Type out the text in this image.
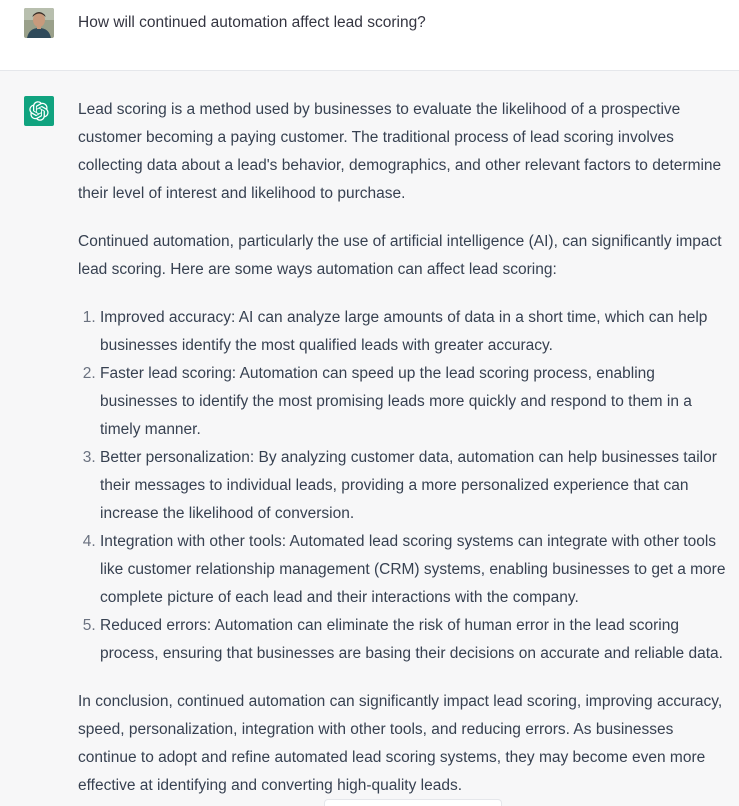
How will continued automation affect lead scoring?

Lead scoring is a method used by businesses to evaluate the likelihood of a prospective customer becoming a paying customer. The traditional process of lead scoring involves collecting data about a lead's behavior, demographics, and other relevant factors to determine their level of interest and likelihood to purchase.

Continued automation, particularly the use of artificial intelligence (AI), can significantly impact lead scoring. Here are some ways automation can affect lead scoring:

1. Improved accuracy: AI can analyze large amounts of data in a short time, which can help businesses identify the most qualified leads with greater accuracy.
2. Faster lead scoring: Automation can speed up the lead scoring process, enabling businesses to identify the most promising leads more quickly and respond to them in a timely manner.
3. Better personalization: By analyzing customer data, automation can help businesses tailor their messages to individual leads, providing a more personalized experience that can increase the likelihood of conversion.
4. Integration with other tools: Automated lead scoring systems can integrate with other tools like customer relationship management (CRM) systems, enabling businesses to get a more complete picture of each lead and their interactions with the company.
5. Reduced errors: Automation can eliminate the risk of human error in the lead scoring process, ensuring that businesses are basing their decisions on accurate and reliable data.

In conclusion, continued automation can significantly impact lead scoring, improving accuracy, speed, personalization, integration with other tools, and reducing errors. As businesses continue to adopt and refine automated lead scoring systems, they may become even more effective at identifying and converting high-quality leads.
